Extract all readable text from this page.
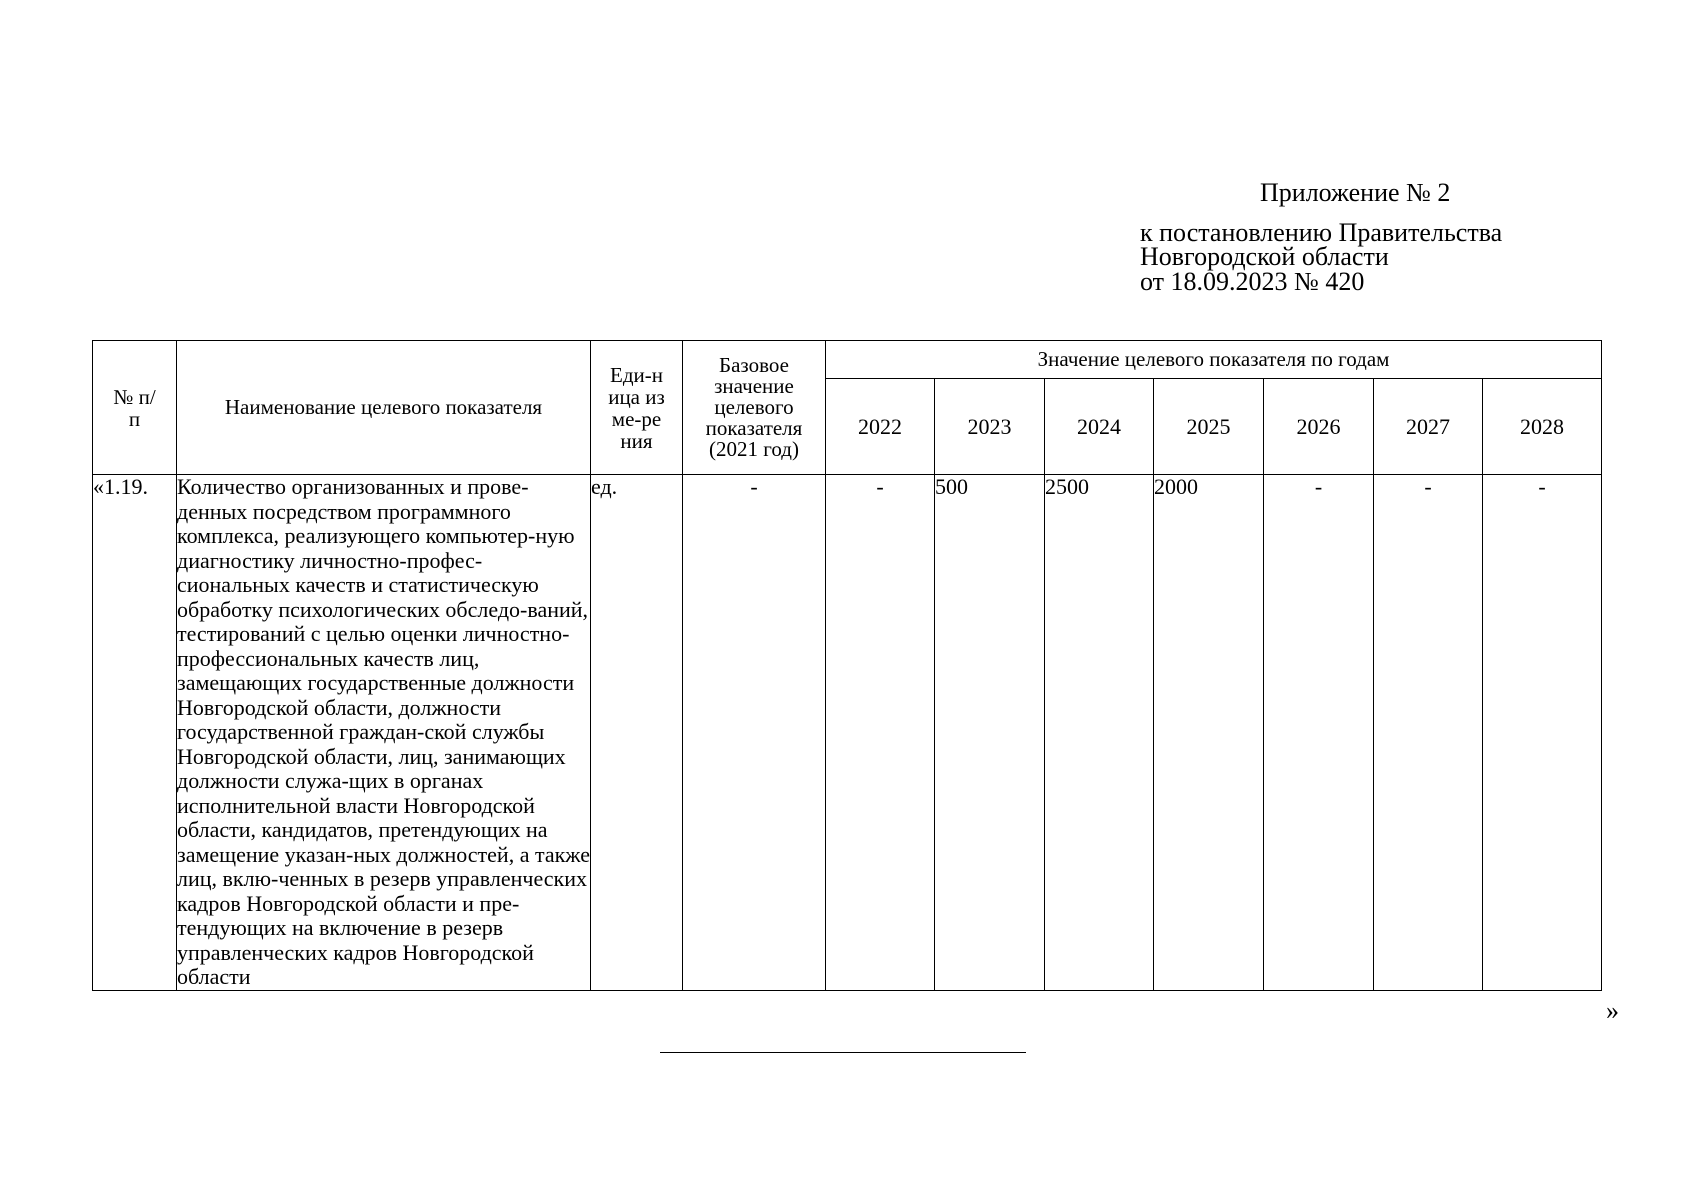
Приложение № 2
к постановлению Правительства
Новгородской области
от 18.09.2023 № 420
№ п/п	Наименование целевого показателя	Еди-ница изме-рения	Базовое значение целевого показателя (2021 год)	Значение целевого показателя по годам						
				2022	2023	2024	2025	2026	2027	2028
«1.19.	Количество организованных и прове-денных посредством программного комплекса, реализующего компьютер-ную диагностику личностно-профес-сиональных качеств и статистическую обработку психологических обследо-ваний, тестирований с целью оценки личностно-профессиональных качеств лиц, замещающих государственные должности Новгородской области, должности государственной граждан-ской службы Новгородской области, лиц, занимающих должности служа-щих в органах исполнительной власти Новгородской области, кандидатов, претендующих на замещение указан-ных должностей, а также лиц, вклю-ченных в резерв управленческих кадров Новгородской области и пре-тендующих на включение в резерв управленческих кадров Новгородской области	ед.	-	-	500	2500	2000	-	-	-
»
